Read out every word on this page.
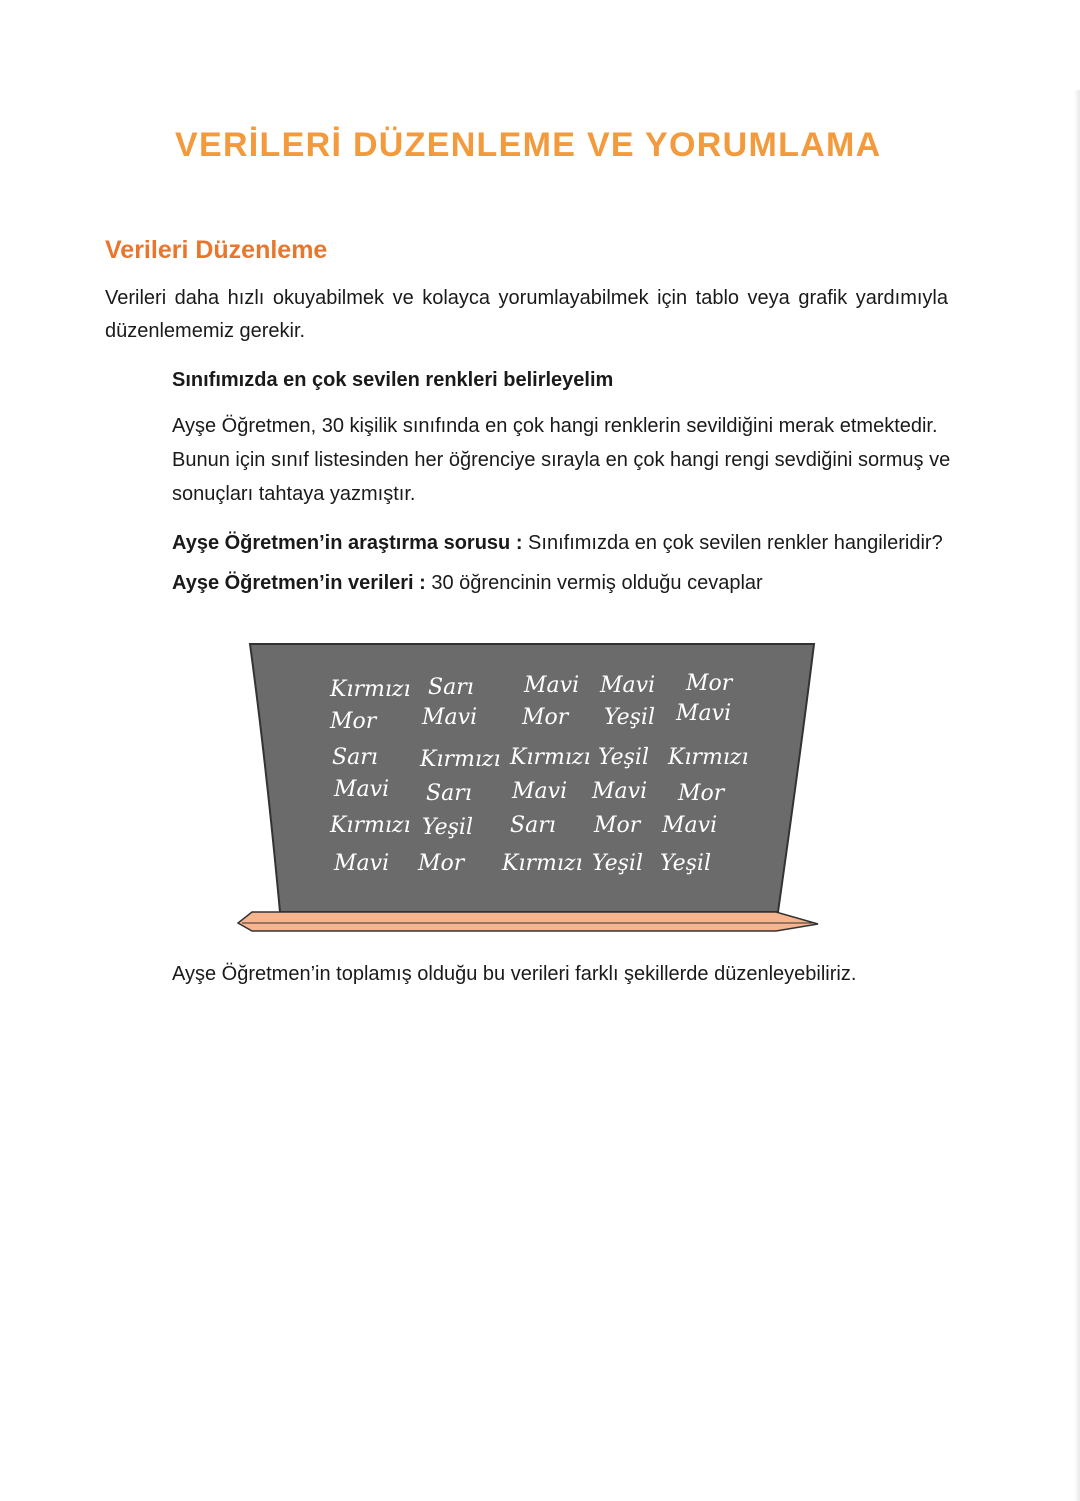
VERİLERİ DÜZENLEME VE YORUMLAMA
Verileri Düzenleme

Verileri daha hızlı okuyabilmek ve kolayca yorumlayabilmek için tablo veya grafik yardımıyla düzenlememiz gerekir.

Sınıfımızda en çok sevilen renkleri belirleyelim

Ayşe Öğretmen, 30 kişilik sınıfında en çok hangi renklerin sevildiğini merak etmektedir. Bunun için sınıf listesinden her öğrenciye sırayla en çok hangi rengi sevdiğini sormuş ve sonuçları tahtaya yazmıştır.

Ayşe Öğretmen’in araştırma sorusu : Sınıfımızda en çok sevilen renkler hangileridir?

Ayşe Öğretmen’in verileri : 30 öğrencinin vermiş olduğu cevaplar

Kırmızı Sarı Mavi Mavi Mor
Mor Mavi Mor Yeşil Mavi
Sarı Kırmızı Kırmızı Yeşil Kırmızı
Mavi Sarı Mavi Mavi Mor
Kırmızı Yeşil Sarı Mor Mavi
Mavi Mor Kırmızı Yeşil Yeşil

Ayşe Öğretmen’in toplamış olduğu bu verileri farklı şekillerde düzenleyebiliriz.
